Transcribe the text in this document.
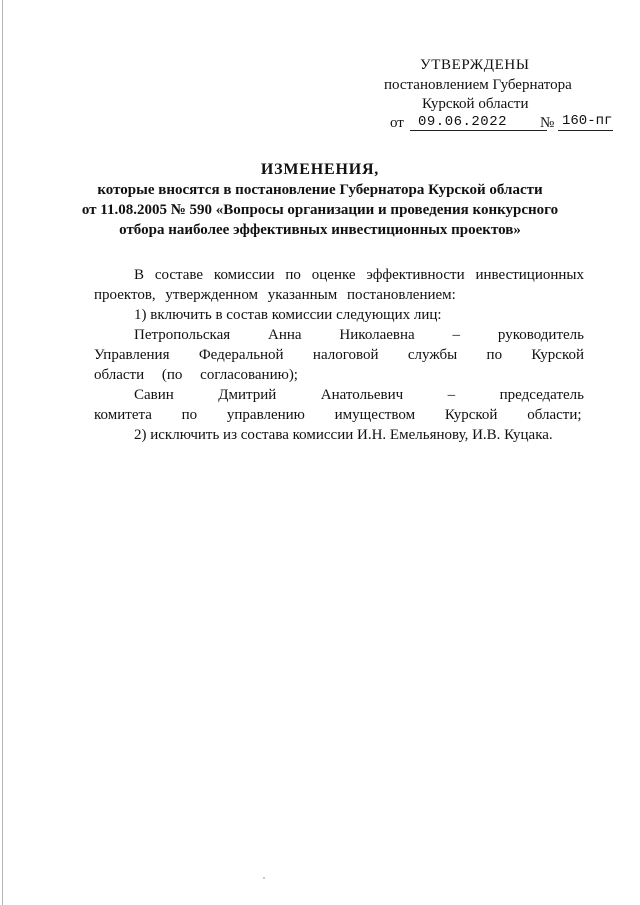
УТВЕРЖДЕНЫ
постановлением Губернатора
Курской области
от 09.06.2022 № 160-пг
ИЗМЕНЕНИЯ,
которые вносятся в постановление Губернатора Курской области
от 11.08.2005 № 590 «Вопросы организации и проведения конкурсного
отбора наиболее эффективных инвестиционных проектов»

В составе комиссии по оценке эффективности инвестиционных проектов, утвержденном указанным постановлением:

1) включить в состав комиссии следующих лиц:

Петропольская Анна Николаевна – руководитель Управления Федеральной налоговой службы по Курской области (по согласованию);

Савин Дмитрий Анатольевич – председатель комитета по управлению имуществом Курской области;

2) исключить из состава комиссии И.Н. Емельянову, И.В. Куцака.
